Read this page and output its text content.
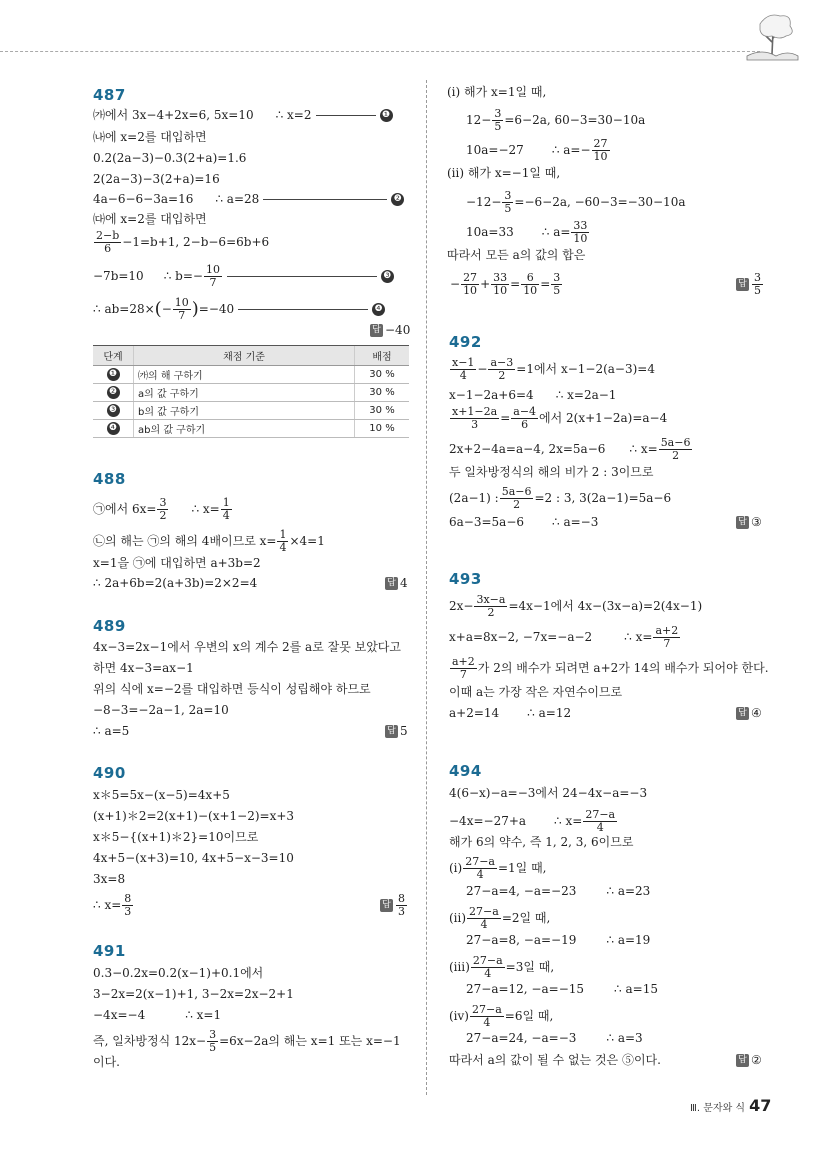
487
㈎에서 3x−4+2x=6, 5x=10 ∴ x=2	❶
㈏에 x=2를 대입하면
0.2(2a−3)−0.3(2+a)=1.6
2(2a−3)−3(2+a)=16
4a−6−6−3a=16 ∴ a=28	❷
㈐에 x=2를 대입하면
$\frac{2-b}{6} -1=b+1$, 2−b−6=6b+6
−7b=10 ∴ $b=- \frac{10}{7}$	❸
∴ $ab=28\times(- \frac{10}{7} )=-40$	❹
답 −40
단계	채점 기준	배점
❶	㈎의 해 구하기	30 %
❷	a의 값 구하기	30 %
❸	b의 값 구하기	30 %
❹	ab의 값 구하기	10 %
488
㉠에서 $6x= \frac{3}{2}$ ∴ $x= \frac{1}{4}$
㉡의 해는 ㉠의 해의 4배이므로 $x= \frac{1}{4} \times 4=1$
x=1을 ㉠에 대입하면 a+3b=2
∴ 2a+6b=2(a+3b)=2×2=4	답 4
489
4x−3=2x−1에서 우변의 x의 계수 2를 a로 잘못 보았다고
하면 4x−3=ax−1
위의 식에 x=−2를 대입하면 등식이 성립해야 하므로
−8−3=−2a−1, 2a=10
∴ a=5	답 5
490
x＊5=5x−(x−5)=4x+5
(x+1)＊2=2(x+1)−(x+1−2)=x+3
x＊5−{(x+1)＊2}=10이므로
4x+5−(x+3)=10, 4x+5−x−3=10
3x=8
∴ $x= \frac{8}{3}$	답 $\frac{8}{3}$
491
0.3−0.2x=0.2(x−1)+0.1에서
3−2x=2(x−1)+1, 3−2x=2x−2+1
−4x=−4	∴ x=1
즉, 일차방정식 $12x- \frac{3}{5} =6x-2a$의 해는 x=1 또는 x=−1
이다.
(ⅰ) 해가 x=1일 때,
$12- \frac{3}{5} =6-2a$, 60−3=30−10a
10a=−27 ∴ $a=- \frac{27}{10}$
(ⅱ) 해가 x=−1일 때,
$-12- \frac{3}{5} =-6-2a$, −60−3=−30−10a
10a=33 ∴ $a= \frac{33}{10}$
따라서 모든 a의 값의 합은
− $\frac{27}{10} + \frac{33}{10} = \frac{6}{10} = \frac{3}{5}$	답 $\frac{3}{5}$
492
$\frac{x-1}{4} - \frac{a-3}{2} =1$에서 x−1−2(a−3)=4
x−1−2a+6=4 ∴ x=2a−1
$\frac{x+1-2a}{3} = \frac{a-4}{6}$ 에서 2(x+1−2a)=a−4
2x+2−4a=a−4, 2x=5a−6 ∴ $x= \frac{5a-6}{2}$
두 일차방정식의 해의 비가 2 : 3이므로
(2a−1) : $\frac{5a-6}{2} =2$ : 3, 3(2a−1)=5a−6
6a−3=5a−6 ∴ a=−3	답 ③
493
$2x- \frac{3x-a}{2} =4x-1$에서 4x−(3x−a)=2(4x−1)
x+a=8x−2, −7x=−a−2	∴ $x= \frac{a+2}{7}$
$\frac{a+2}{7}$ 가 2의 배수가 되려면 a+2가 14의 배수가 되어야 한다.
이때 a는 가장 작은 자연수이므로
a+2=14 ∴ a=12	답 ④
494
4(6−x)−a=−3에서 24−4x−a=−3
−4x=−27+a ∴ $x= \frac{27-a}{4}$
해가 6의 약수, 즉 1, 2, 3, 6이므로
(ⅰ) $\frac{27-a}{4} =1$일 때,
27−a=4, −a=−23	∴ a=23
(ⅱ) $\frac{27-a}{4} =2$일 때,
27−a=8, −a=−19	∴ a=19
(ⅲ) $\frac{27-a}{4} =3$일 때,
27−a=12, −a=−15	∴ a=15
(ⅳ) $\frac{27-a}{4} =6$일 때,
27−a=24, −a=−3	∴ a=3
따라서 a의 값이 될 수 없는 것은 ⑤이다.	답 ②
Ⅲ. 문자와 식 47
